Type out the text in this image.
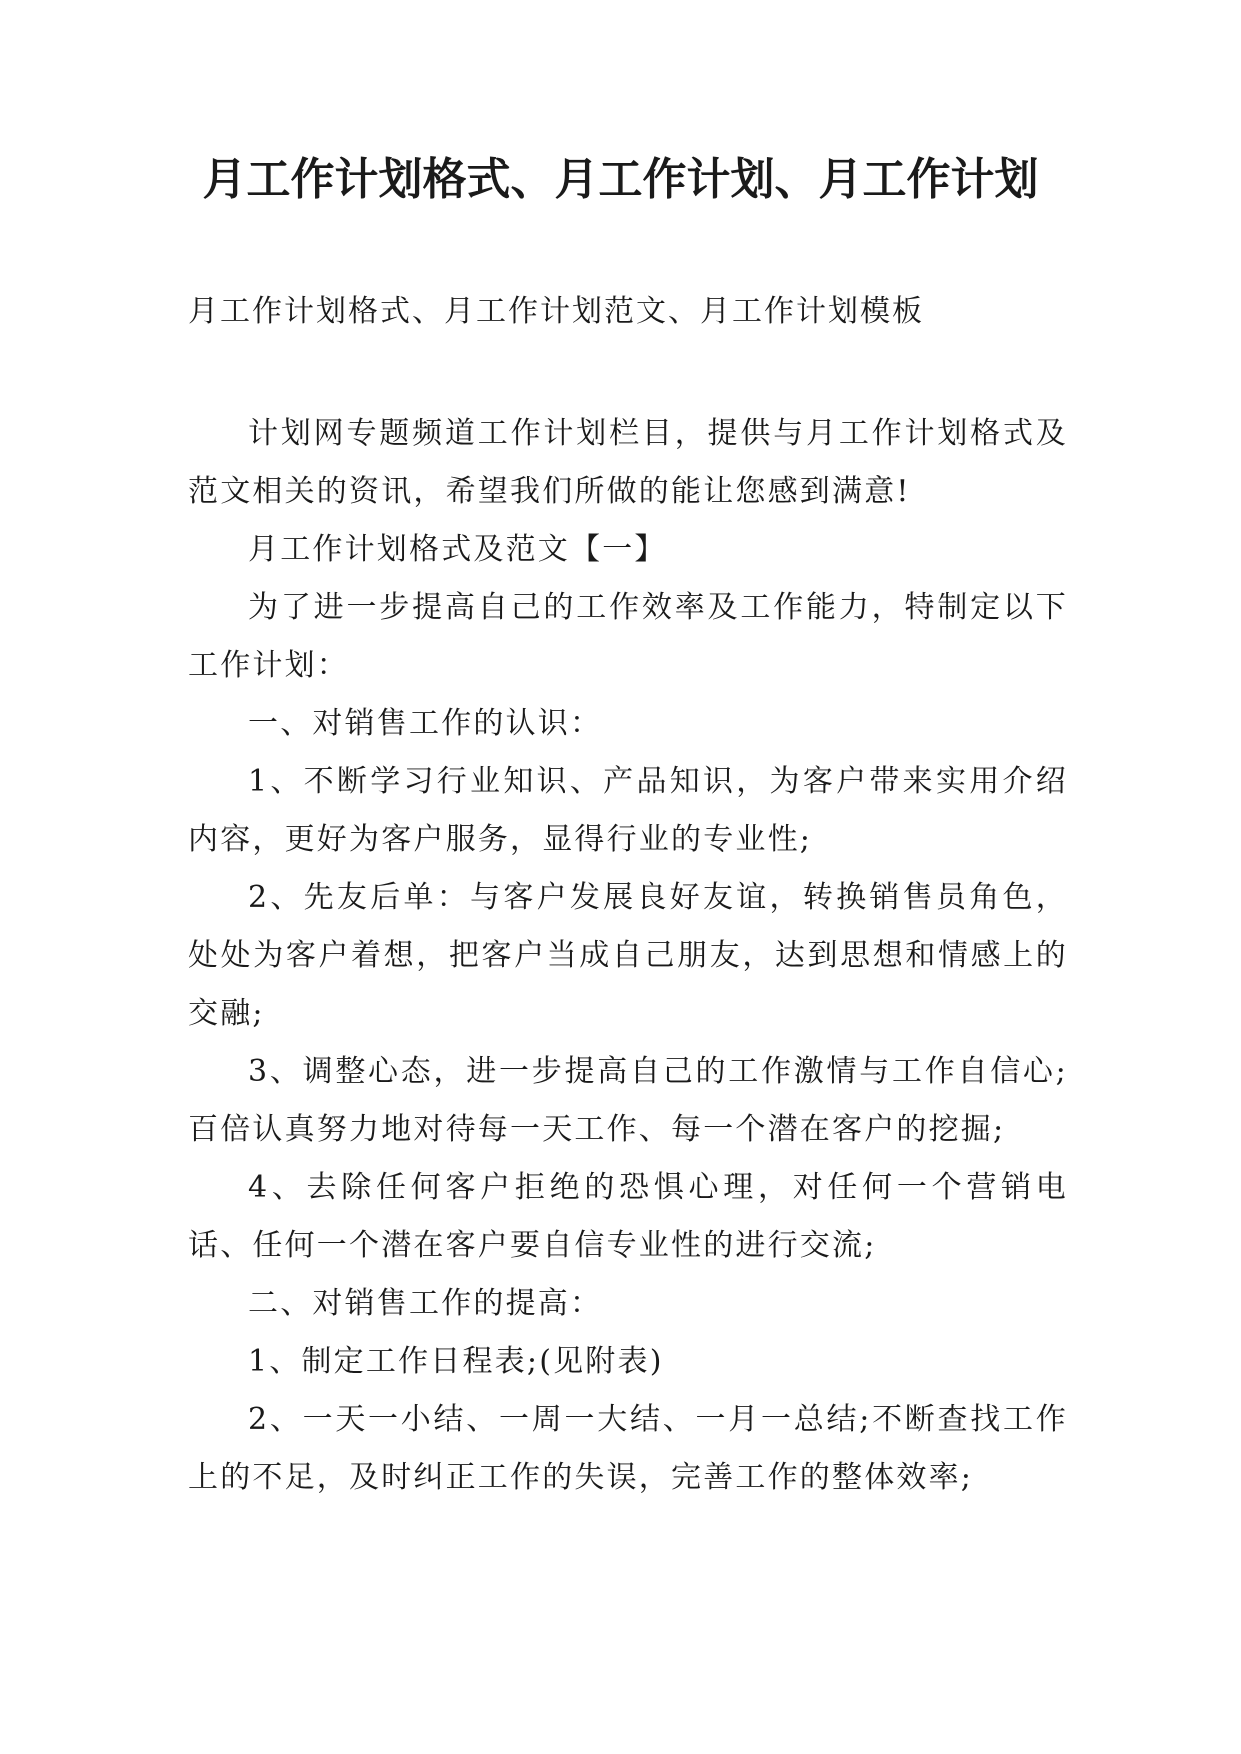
月工作计划格式、月工作计划、月工作计划

月工作计划格式、月工作计划范文、月工作计划模板

计划网专题频道工作计划栏目，提供与月工作计划格式及范文相关的资讯，希望我们所做的能让您感到满意!

月工作计划格式及范文【一】

为了进一步提高自己的工作效率及工作能力，特制定以下工作计划：

一、对销售工作的认识：

1、不断学习行业知识、产品知识，为客户带来实用介绍内容，更好为客户服务，显得行业的专业性;

2、先友后单：与客户发展良好友谊，转换销售员角色，处处为客户着想，把客户当成自己朋友，达到思想和情感上的交融;

3、调整心态，进一步提高自己的工作激情与工作自信心;百倍认真努力地对待每一天工作、每一个潜在客户的挖掘;

4、去除任何客户拒绝的恐惧心理，对任何一个营销电话、任何一个潜在客户要自信专业性的进行交流;

二、对销售工作的提高：

1、制定工作日程表;(见附表)

2、一天一小结、一周一大结、一月一总结;不断查找工作上的不足，及时纠正工作的失误，完善工作的整体效率;
